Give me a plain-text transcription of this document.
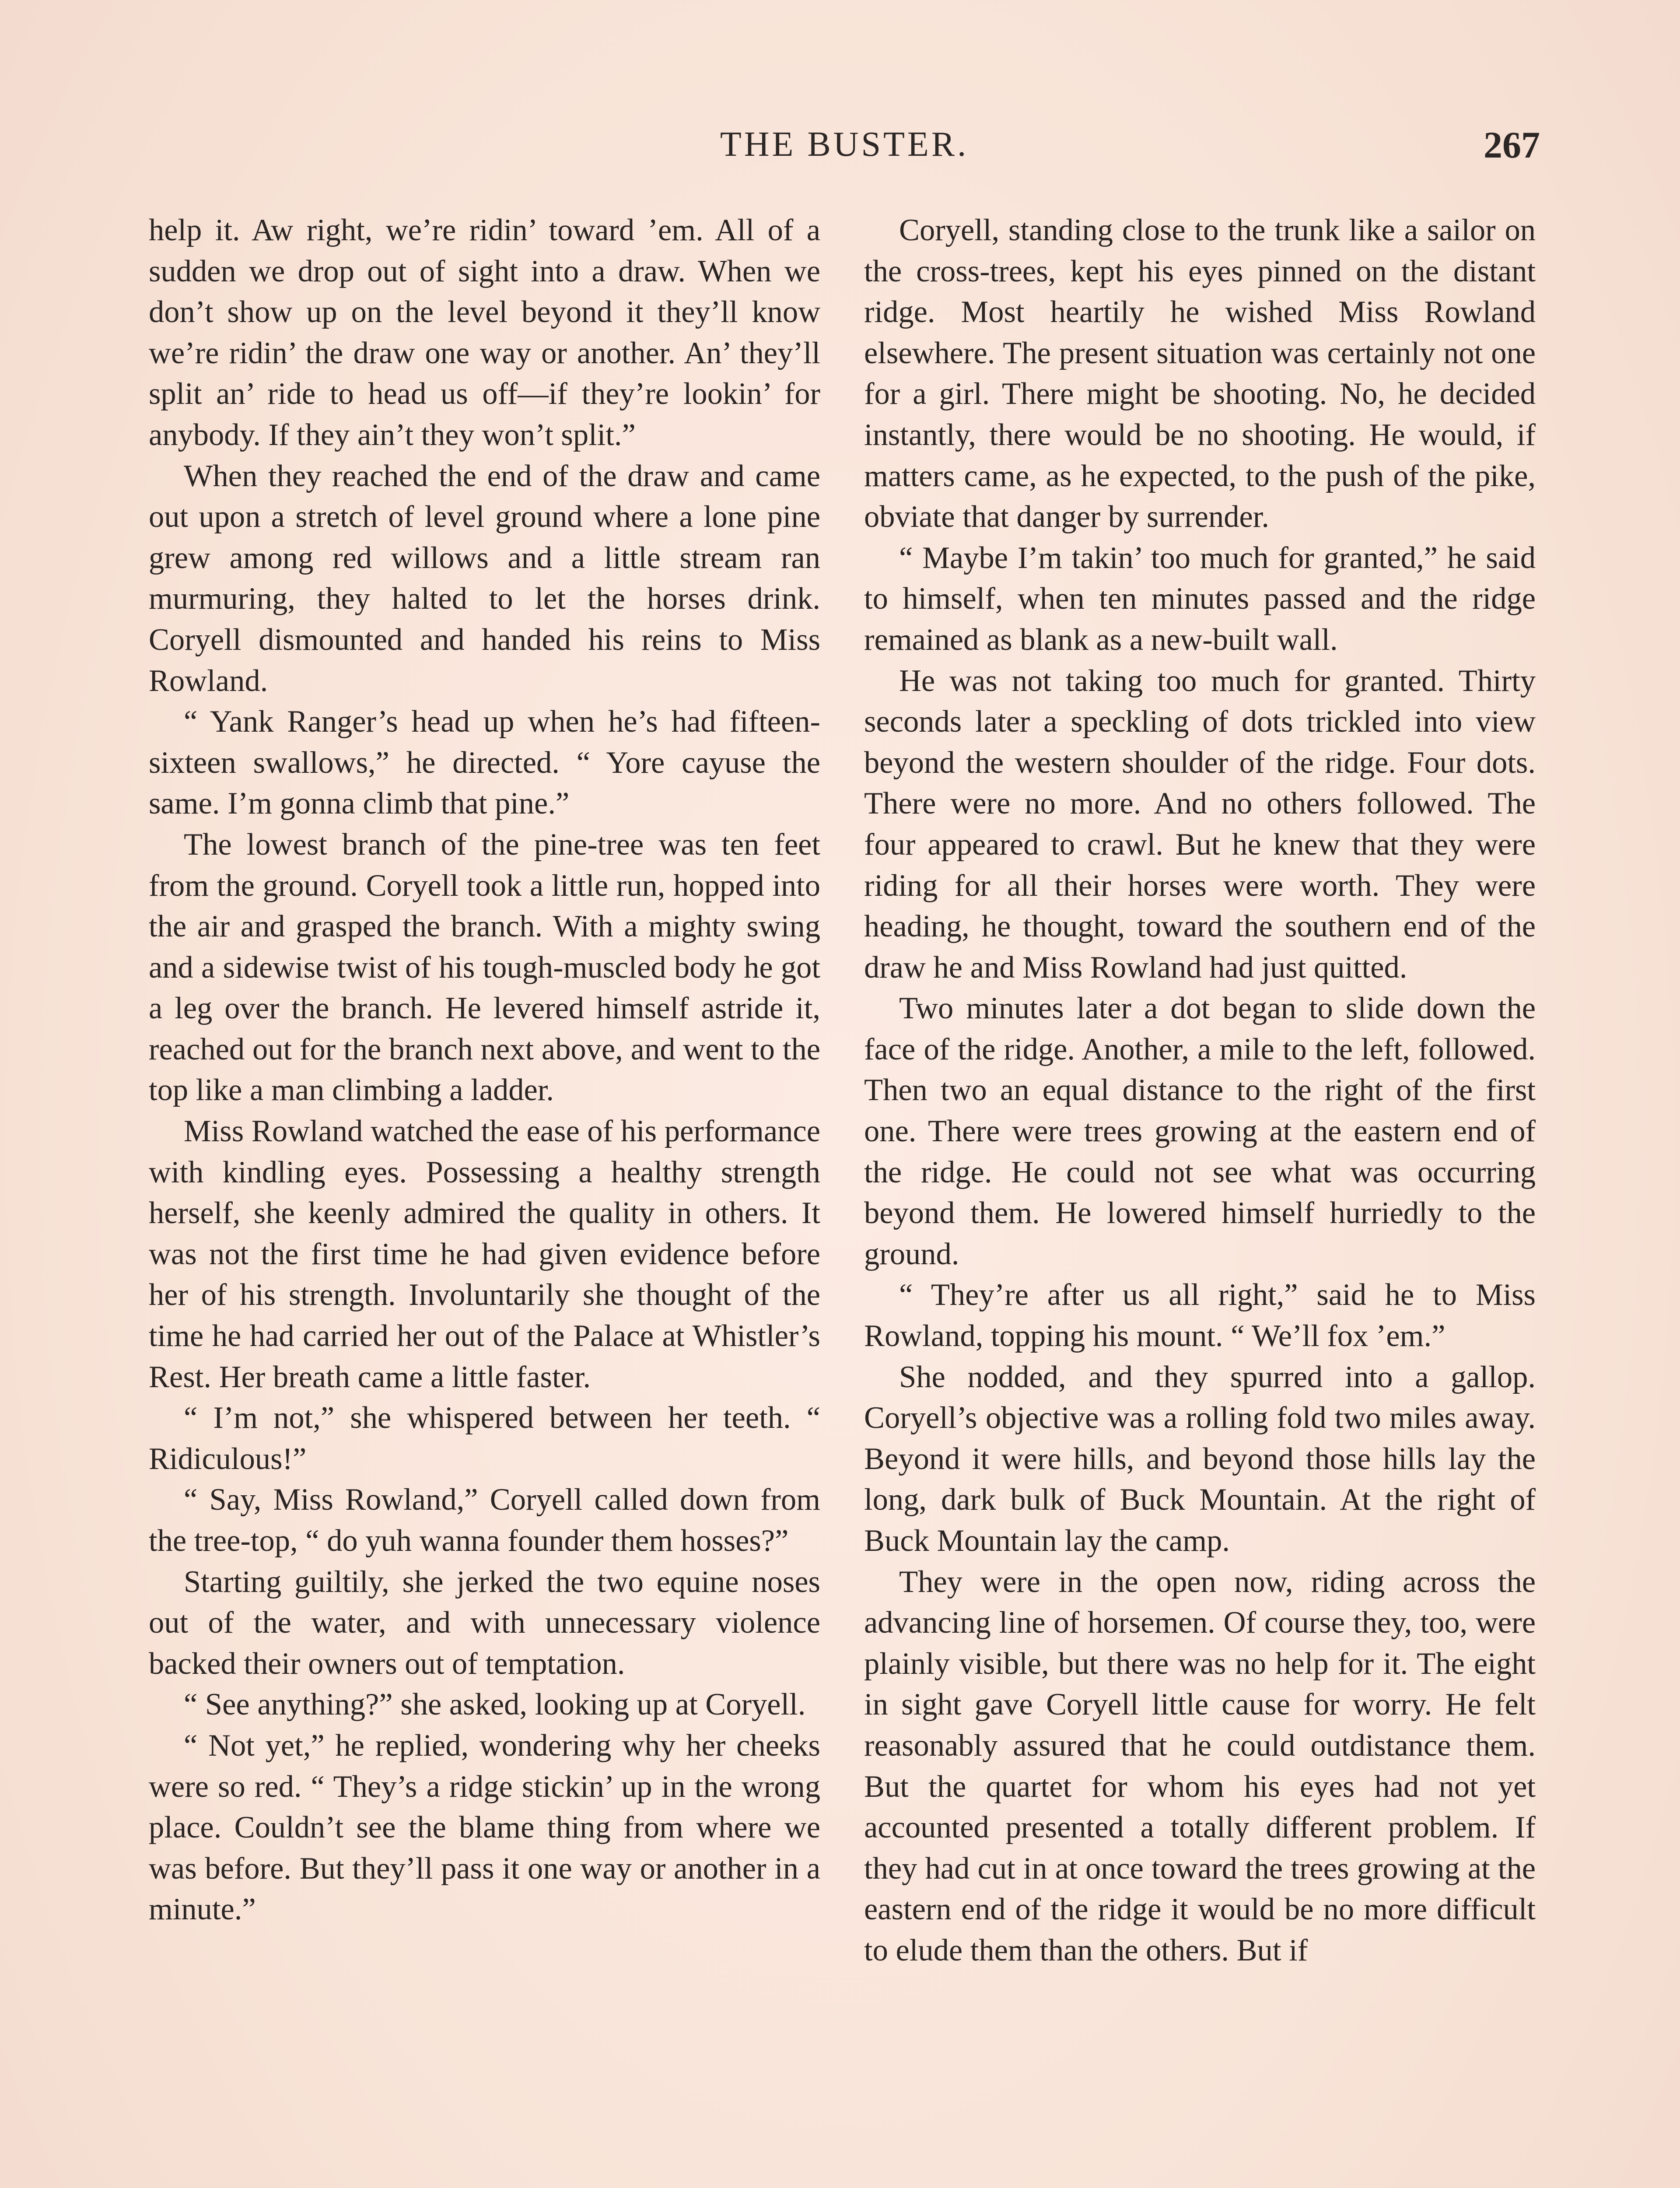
THE BUSTER.	267

help it. Aw right, we’re ridin’ toward ’em. All of a sudden we drop out of sight into a draw. When we don’t show up on the level beyond it they’ll know we’re ridin’ the draw one way or another. An’ they’ll split an’ ride to head us off—if they’re lookin’ for anybody. If they ain’t they won’t split.”

When they reached the end of the draw and came out upon a stretch of level ground where a lone pine grew among red willows and a little stream ran murmuring, they halted to let the horses drink. Coryell dismounted and handed his reins to Miss Rowland.

“ Yank Ranger’s head up when he’s had fifteen-sixteen swallows,” he directed. “ Yore cayuse the same. I’m gonna climb that pine.”

The lowest branch of the pine-tree was ten feet from the ground. Coryell took a little run, hopped into the air and grasped the branch. With a mighty swing and a sidewise twist of his tough-muscled body he got a leg over the branch. He levered himself astride it, reached out for the branch next above, and went to the top like a man climbing a ladder.

Miss Rowland watched the ease of his performance with kindling eyes. Possessing a healthy strength herself, she keenly admired the quality in others. It was not the first time he had given evidence before her of his strength. Involuntarily she thought of the time he had carried her out of the Palace at Whistler’s Rest. Her breath came a little faster.

“ I’m not,” she whispered between her teeth. “ Ridiculous!”

“ Say, Miss Rowland,” Coryell called down from the tree-top, “ do yuh wanna founder them hosses?”

Starting guiltily, she jerked the two equine noses out of the water, and with unnecessary violence backed their owners out of temptation.

“ See anything?” she asked, looking up at Coryell.

“ Not yet,” he replied, wondering why her cheeks were so red. “ They’s a ridge stickin’ up in the wrong place. Couldn’t see the blame thing from where we was before. But they’ll pass it one way or another in a minute.”

Coryell, standing close to the trunk like a sailor on the cross-trees, kept his eyes pinned on the distant ridge. Most heartily he wished Miss Rowland elsewhere. The present situation was certainly not one for a girl. There might be shooting. No, he decided instantly, there would be no shooting. He would, if matters came, as he expected, to the push of the pike, obviate that danger by surrender.

“ Maybe I’m takin’ too much for granted,” he said to himself, when ten minutes passed and the ridge remained as blank as a new-built wall.

He was not taking too much for granted. Thirty seconds later a speckling of dots trickled into view beyond the western shoulder of the ridge. Four dots. There were no more. And no others followed. The four appeared to crawl. But he knew that they were riding for all their horses were worth. They were heading, he thought, toward the southern end of the draw he and Miss Rowland had just quitted.

Two minutes later a dot began to slide down the face of the ridge. Another, a mile to the left, followed. Then two an equal distance to the right of the first one. There were trees growing at the eastern end of the ridge. He could not see what was occurring beyond them. He lowered himself hurriedly to the ground.

“ They’re after us all right,” said he to Miss Rowland, topping his mount. “ We’ll fox ’em.”

She nodded, and they spurred into a gallop. Coryell’s objective was a rolling fold two miles away. Beyond it were hills, and beyond those hills lay the long, dark bulk of Buck Mountain. At the right of Buck Mountain lay the camp.

They were in the open now, riding across the advancing line of horsemen. Of course they, too, were plainly visible, but there was no help for it. The eight in sight gave Coryell little cause for worry. He felt reasonably assured that he could outdistance them. But the quartet for whom his eyes had not yet accounted presented a totally different problem. If they had cut in at once toward the trees growing at the eastern end of the ridge it would be no more difficult to elude them than the others. But if
